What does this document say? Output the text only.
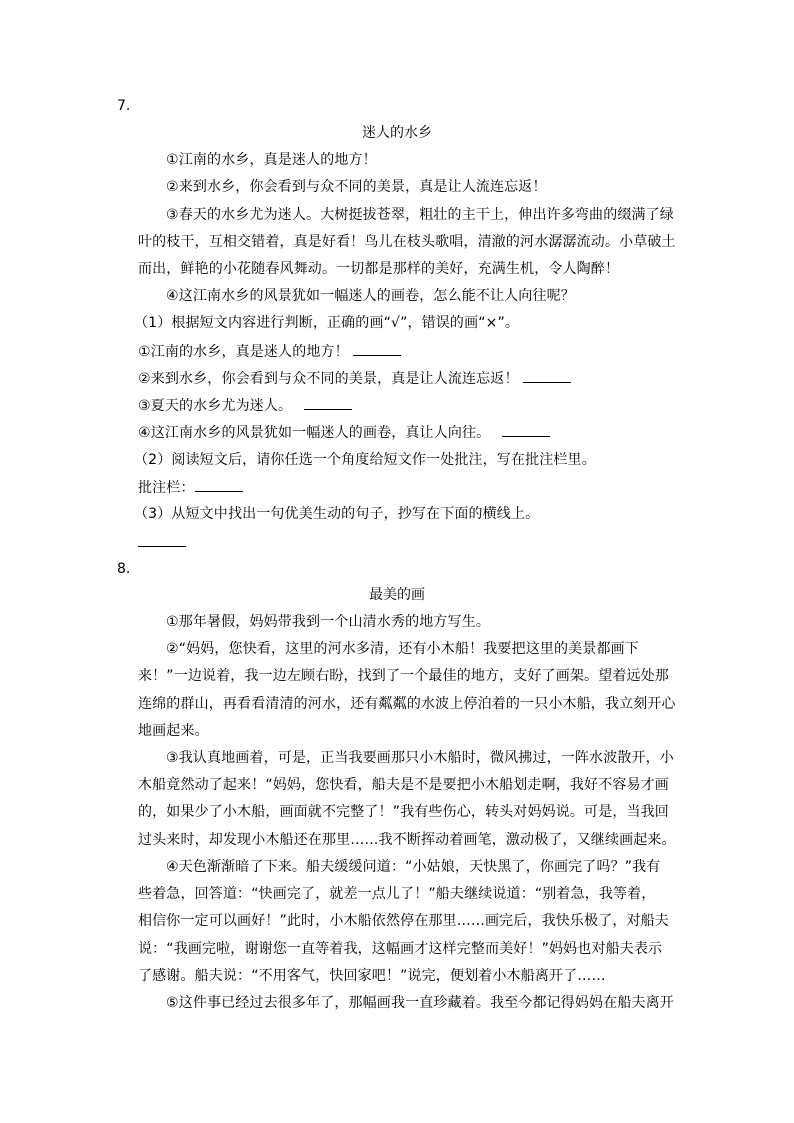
7.
迷人的水乡
①江南的水乡，真是迷人的地方！
②来到水乡，你会看到与众不同的美景，真是让人流连忘返！
③春天的水乡尤为迷人。大树挺拔苍翠，粗壮的主干上，伸出许多弯曲的缀满了绿
叶的枝干，互相交错着，真是好看！鸟儿在枝头歌唱，清澈的河水潺潺流动。小草破土
而出，鲜艳的小花随春风舞动。一切都是那样的美好，充满生机，令人陶醉！
④这江南水乡的风景犹如一幅迷人的画卷，怎么能不让人向往呢？
（1）根据短文内容进行判断，正确的画“√”，错误的画“×”。
①江南的水乡，真是迷人的地方！
②来到水乡，你会看到与众不同的美景，真是让人流连忘返！
③夏天的水乡尤为迷人。
④这江南水乡的风景犹如一幅迷人的画卷，真让人向往。
（2）阅读短文后，请你任选一个角度给短文作一处批注，写在批注栏里。
批注栏：
（3）从短文中找出一句优美生动的句子，抄写在下面的横线上。
8.
最美的画
①那年暑假，妈妈带我到一个山清水秀的地方写生。
②“妈妈，您快看，这里的河水多清，还有小木船！我要把这里的美景都画下
来！”一边说着，我一边左顾右盼，找到了一个最佳的地方，支好了画架。望着远处那
连绵的群山，再看看清清的河水，还有粼粼的水波上停泊着的一只小木船，我立刻开心
地画起来。
③我认真地画着，可是，正当我要画那只小木船时，微风拂过，一阵水波散开，小
木船竟然动了起来！“妈妈，您快看，船夫是不是要把小木船划走啊，我好不容易才画
的，如果少了小木船，画面就不完整了！”我有些伤心，转头对妈妈说。可是，当我回
过头来时，却发现小木船还在那里……我不断挥动着画笔，激动极了，又继续画起来。
④天色渐渐暗了下来。船夫缓缓问道：“小姑娘，天快黑了，你画完了吗？”我有
些着急，回答道：“快画完了，就差一点儿了！”船夫继续说道：“别着急，我等着，
相信你一定可以画好！”此时，小木船依然停在那里……画完后，我快乐极了，对船夫
说：“我画完啦，谢谢您一直等着我，这幅画才这样完整而美好！”妈妈也对船夫表示
了感谢。船夫说：“不用客气，快回家吧！”说完，便划着小木船离开了……
⑤这件事已经过去很多年了，那幅画我一直珍藏着。我至今都记得妈妈在船夫离开
